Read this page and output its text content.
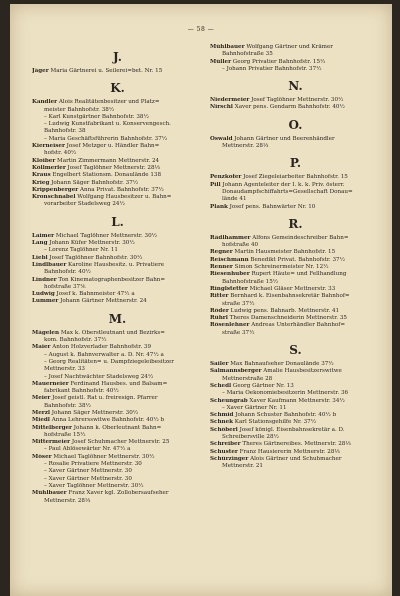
— 58 —
J.
Jäger Maria Gärtnerei u. Seilerei=bet. Nr. 15
K.
Kandler Alois Realitätenbesitzer und Platz=
meister Bahnhofstr. 38½
– Karl Kunstgärtner Bahnhofstr. 38½
– Ludwig Kunstfabrikant u. Konservengesch.
Bahnhofstr. 38
– Maria Geschäftsführerin Bahnhofstr. 37½
Kierneiser Josef Metzger u. Händler Bahn=
hofstr. 40½
Kloiber Martin Zimmermann Mettnerstr. 24
Köllmerler Josef Taglöhner Mettnerstr. 28⅓
Kraus Engelbert Stationsm. Donaulände 138
Krieg Johann Säger Bahnhofstr. 37½
Krippenberger Anna Privat. Bahnhofstr. 37½
Kronschnabel Wolfgang Hausbesitzer u. Bahn=
vorarbeiter Stadelsweg 24½
L.
Laimer Michael Taglöhner Mettnerstr. 30½
Lang Johann Küfer Mettnerstr. 30½
– Lorenz Taglöhner Nr. 11
Liebl Josef Taglöhner Bahnhofstr. 30½
Lindlbauer Karoline Hausbesitz. u. Privatiere
Bahnhofstr. 40½
Lindner Ton Kinematographenbesitzer Bahn=
hofstraße 37⅙
Ludwig Josef k. Bahnmeister 47½ a
Lummer Johann Gärtner Mettnerstr. 24
M.
Mägelen Max k. Oberstleutnant und Bezirks=
kom. Bahnhofstr. 37½
Maier Anton Holzverlader Bahnhofstr. 39
– August k. Bahnverwalter a. D. Nr. 47½ a
– Georg Realitäten= u. Dampfziegeleibesitzer
Mettnerstr. 33
– Josef Nachtwächter Stadelsweg 24½
Mauerneier Ferdinand Hausbes. und Balsam=
fabrikant Bahnhofstr. 40½
Meier Josef geistl. Rat u. freiresign. Pfarrer
Bahnhofstr. 38½
Merzl Johann Säger Mettnerstr. 30½
Miedl Anna Lehrersswitwe Bahnhofstr. 40½ b
Mittelberger Johann k. Oberleutnant Bahn=
hofstraße 15½
Mittermeier Josef Schuhmacher Mettnerstr. 25
– Paul Ablösewärter Nr. 47½ a
Möser Michael Taglöhner Mettnerstr. 30½
– Rosalie Privatiere Mettnerstr. 30
– Xaver Gärtner Mettnerstr. 30
– Xaver Gärtner Mettnerstr. 30
– Xaver Taglöhner Mettnerstr. 30½
Mühlbauer Franz Xaver kgl. Zollobersaufseher
Mettnerstr. 28⅓
Mühlbauer Wolfgang Gärtner und Krämer
Bahnhofstraße 35
Müller Georg Privatier Bahnhofstr. 15½
– Johann Privatier Bahnhofstr. 37½
N.
Niedermeier Josef Taglöhner Mettnerstr. 30½
Nirschl Xaver pens. Gendarm Bahnhofstr. 40½
O.
Oswald Johann Gärtner und Beerenhändler
Mettnerstr. 28⅓
P.
Penzkofer Josef Ziegeleiarbeiter Bahnhofstr. 15
Pill Johann Agenteleiter der I. k. k. Priv. österr.
Donaudampfschiffahrts=Gesellschaft Donau=
lände 41
Plank Josef pens. Bahnwärter Nr. 10
R.
Rädlhammer Alfons Gemeindeschreiber Bahn=
hofstraße 40
Regner Martin Hausmeister Bahnhofstr. 15
Reischmann Benedikt Privat. Bahnhofstr. 37½
Renner Simon Schreinermeister Nr. 12½
Riesenhuber Rupert Häute= und Fellhandlung
Bahnhofstraße 15½
Ringlstetter Michael Gläser Mettnerstr. 33
Ritter Bernhard k. Eisenbahnsekretär Bahnhof=
straße 37½
Röder Ludwig pens. Bahnarb. Mettnerstr. 41
Rührl Theres Damenschneiderin Mettnerstr. 35
Rösenlehner Andreas Unterhändler Bahnhof=
straße 37½
S.
Sailer Max Bahnaufseher Donaulände 37½
Salmannsberger Amalie Hausbesitzerswitwe
Mettnerstraße 28
Schedl Georg Gärtner Nr. 13
– Maria Oekonomiebesitzerin Mettnerstr. 36
Scheungrab Xaver Kaufmann Mettnerstr. 34½
– Xaver Gärtner Nr. 11
Schmid Johann Schuster Bahnhofstr. 40½ b
Schnek Karl Stationsgehilfe Nr. 37½
Schöberl Josef königl. Eisenbahnsekretär a. D.
Schreibersville 28½
Schreiber Theres Gärtnereibes. Mettnerstr. 28⅓
Schuster Franz Hausiererin Mettnerstr. 28⅓
Schürzinger Alois Gärtner und Schuhmacher
Mettnerstr. 21
